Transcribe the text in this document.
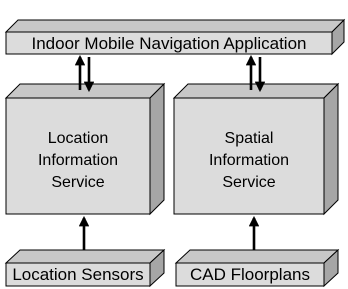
Indoor Mobile Navigation Application
Location
Information
Service
Spatial
Information
Service
Location Sensors	CAD Floorplans
